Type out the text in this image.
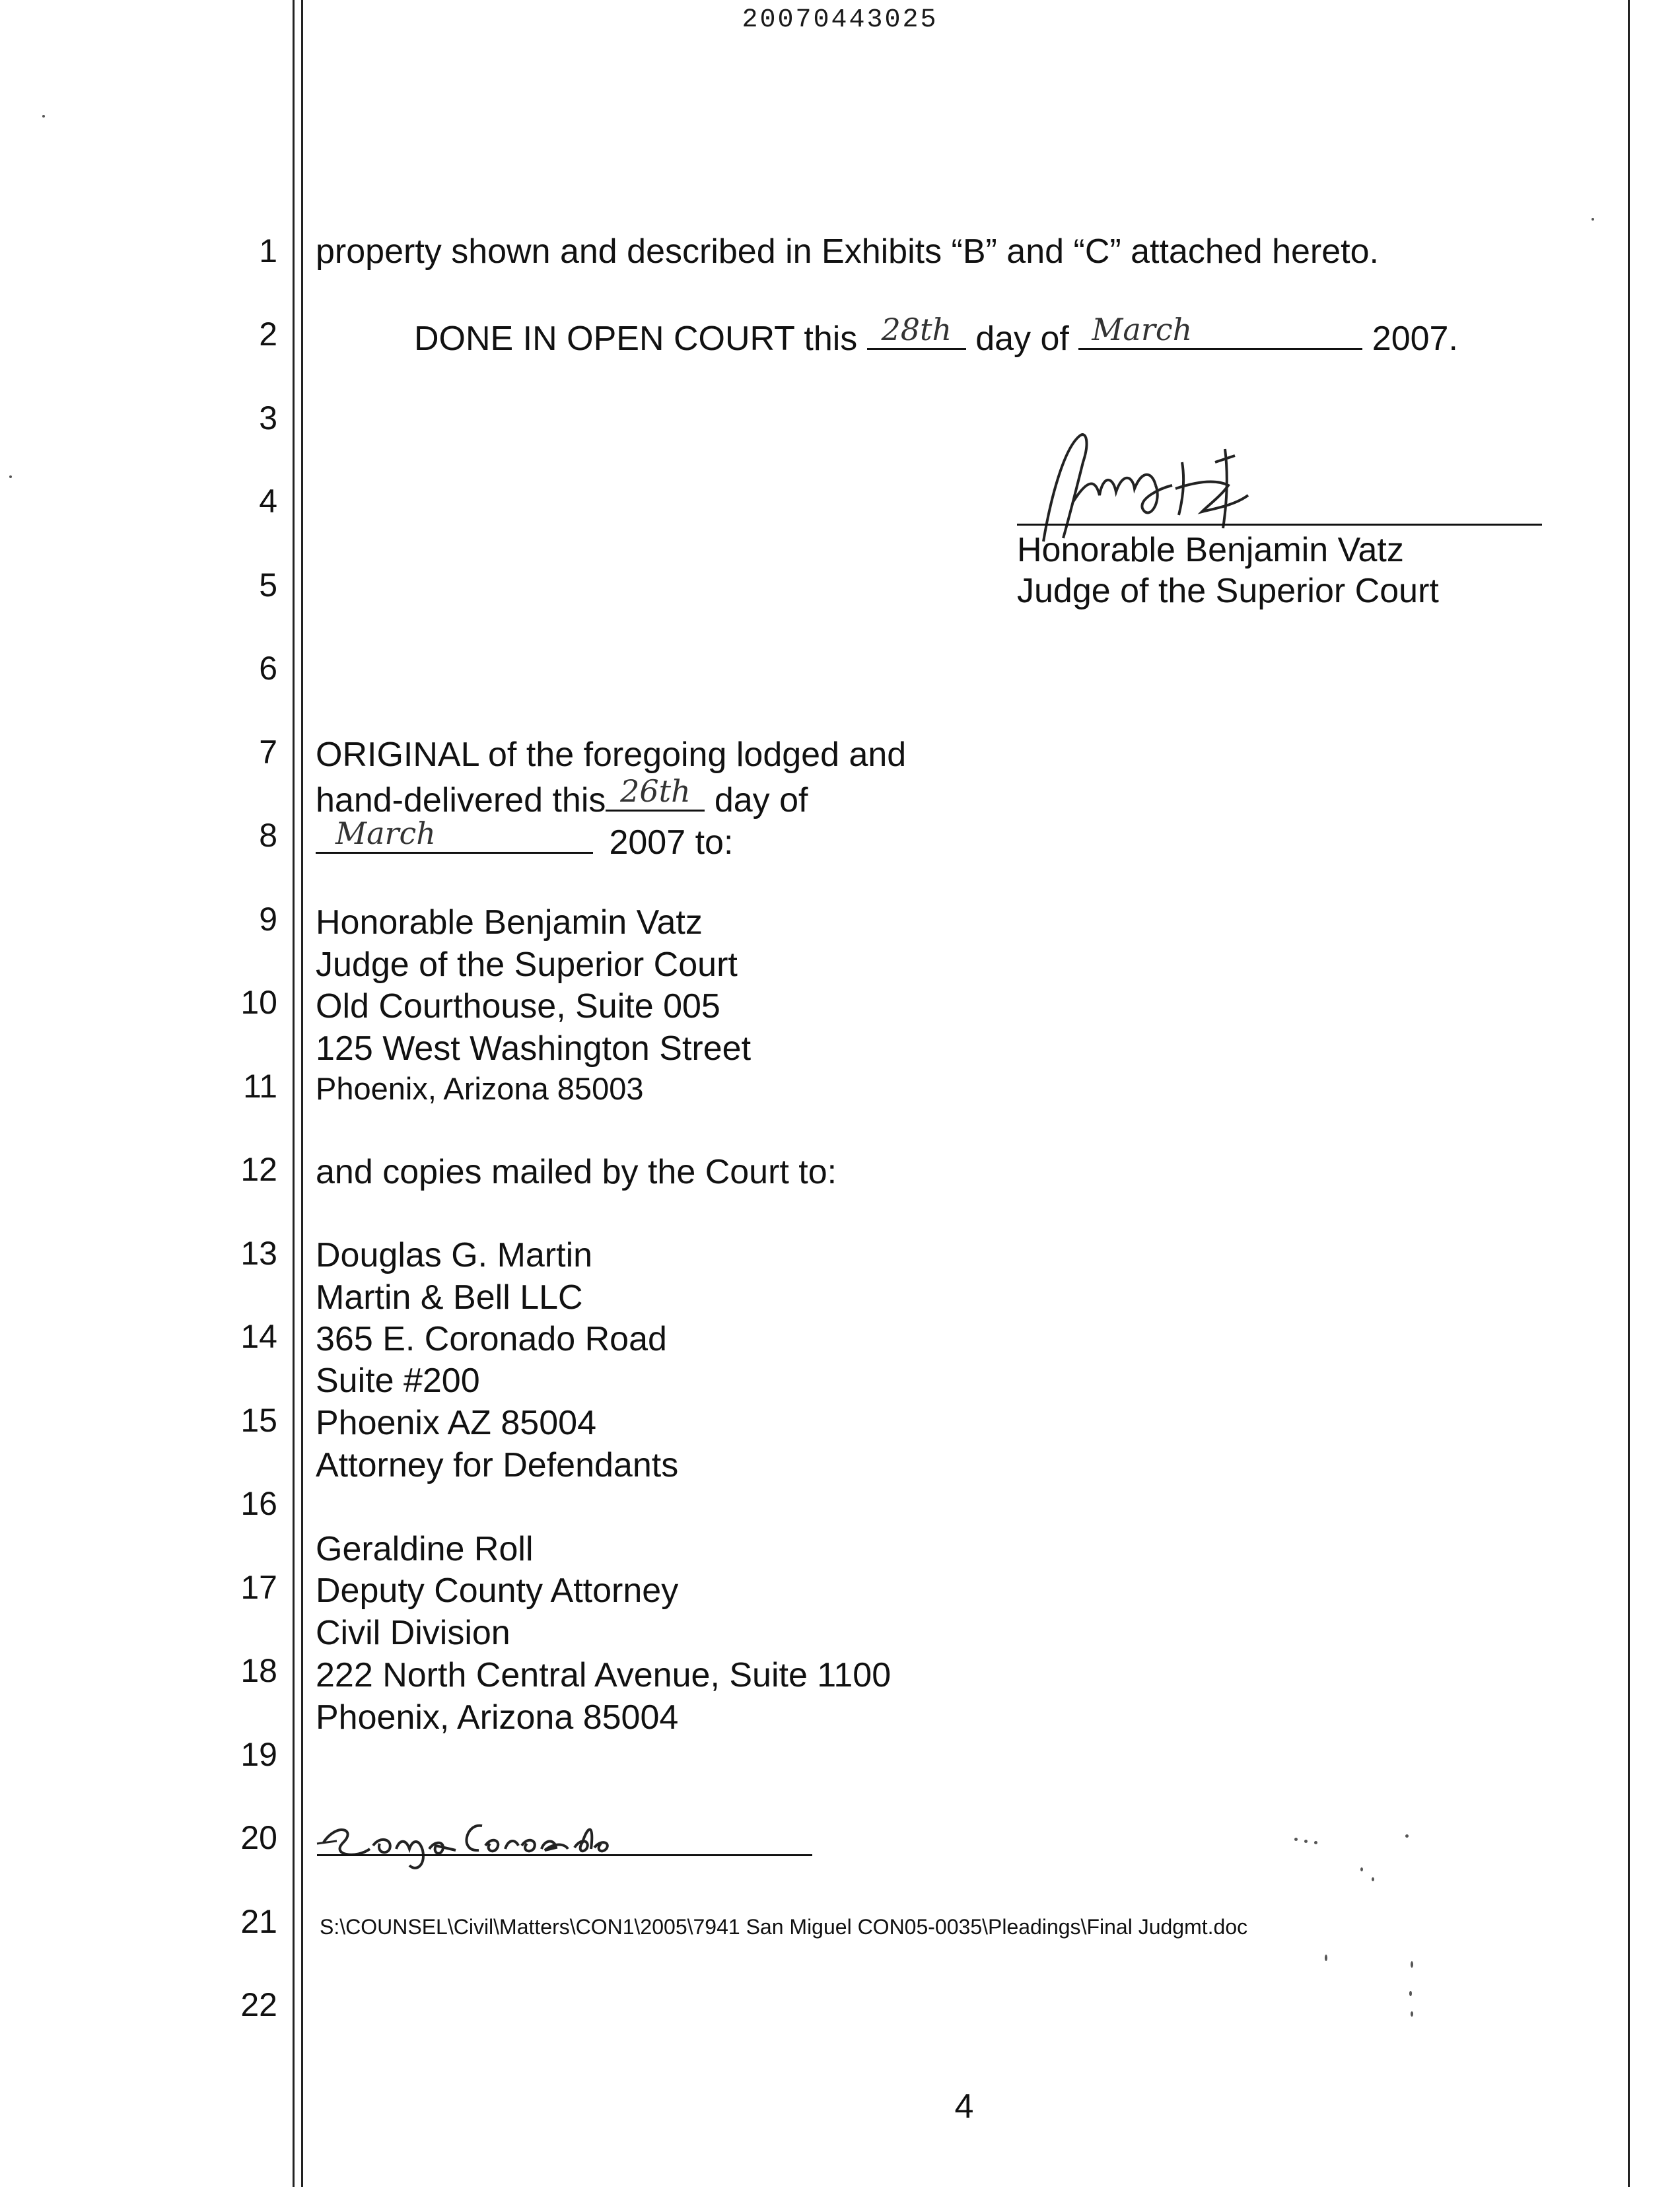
20070443025
1
2
3
4
5
6
7
8
9
10
11
12
13
14
15
16
17
18
19
20
21
22
property shown and described in Exhibits “B” and “C” attached hereto.
DONE IN OPEN COURT this 28th day of March	2007.
Honorable Benjamin Vatz
Judge of the Superior Court
ORIGINAL of the foregoing lodged and
hand-delivered this 26th day of
March	2007 to:
Honorable Benjamin Vatz
Judge of the Superior Court
Old Courthouse, Suite 005
125 West Washington Street
Phoenix, Arizona 85003
and copies mailed by the Court to:
Douglas G. Martin
Martin & Bell LLC
365 E. Coronado Road
Suite #200
Phoenix AZ 85004
Attorney for Defendants
Geraldine Roll
Deputy County Attorney
Civil Division
222 North Central Avenue, Suite 1100
Phoenix, Arizona 85004
S:\COUNSEL\Civil\Matters\CON1\2005\7941 San Miguel CON05-0035\Pleadings\Final Judgmt.doc
4
